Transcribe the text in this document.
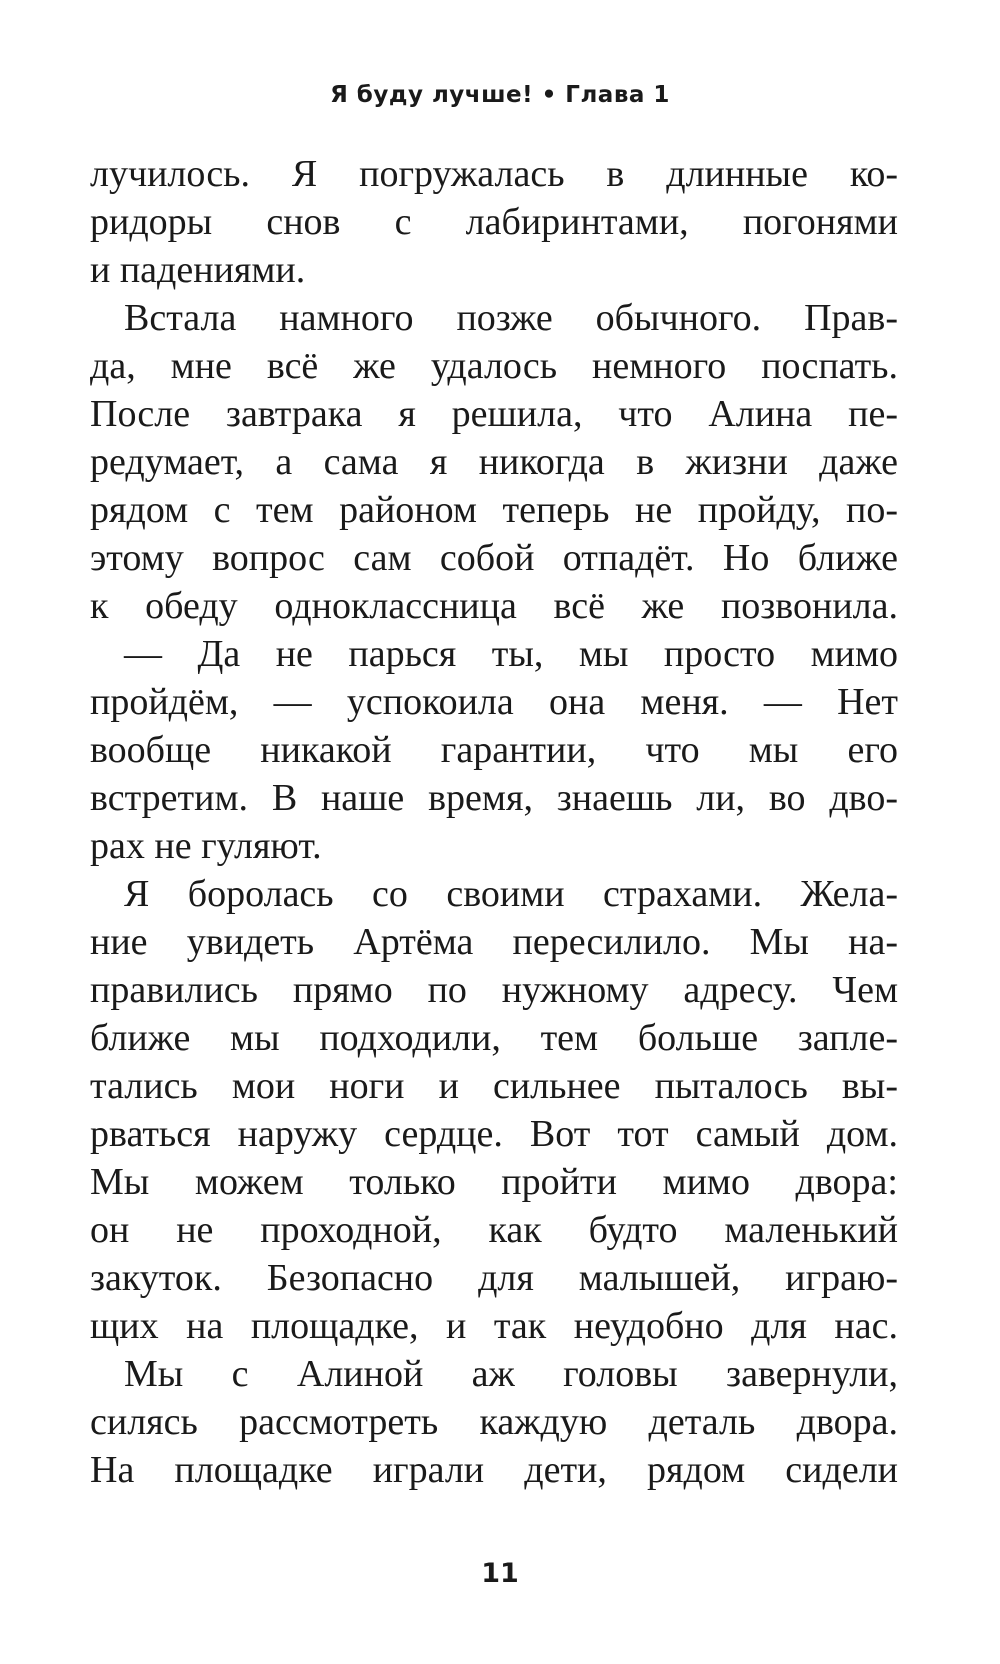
Я буду лучше! • Глава 1
лучилось. Я погружалась в длинные ко-
ридоры снов с лабиринтами, погонями
и падениями.
Встала намного позже обычного. Прав-
да, мне всё же удалось немного поспать.
После завтрака я решила, что Алина пе-
редумает, а сама я никогда в жизни даже
рядом с тем районом теперь не пройду, по-
этому вопрос сам собой отпадёт. Но ближе
к обеду одноклассница всё же позвонила.
— Да не парься ты, мы просто мимо
пройдём, — успокоила она меня. — Нет
вообще никакой гарантии, что мы его
встретим. В наше время, знаешь ли, во дво-
рах не гуляют.
Я боролась со своими страхами. Жела-
ние увидеть Артёма пересилило. Мы на-
правились прямо по нужному адресу. Чем
ближе мы подходили, тем больше запле-
тались мои ноги и сильнее пыталось вы-
рваться наружу сердце. Вот тот самый дом.
Мы можем только пройти мимо двора:
он не проходной, как будто маленький
закуток. Безопасно для малышей, играю-
щих на площадке, и так неудобно для нас.
Мы с Алиной аж головы завернули,
силясь рассмотреть каждую деталь двора.
На площадке играли дети, рядом сидели
11
